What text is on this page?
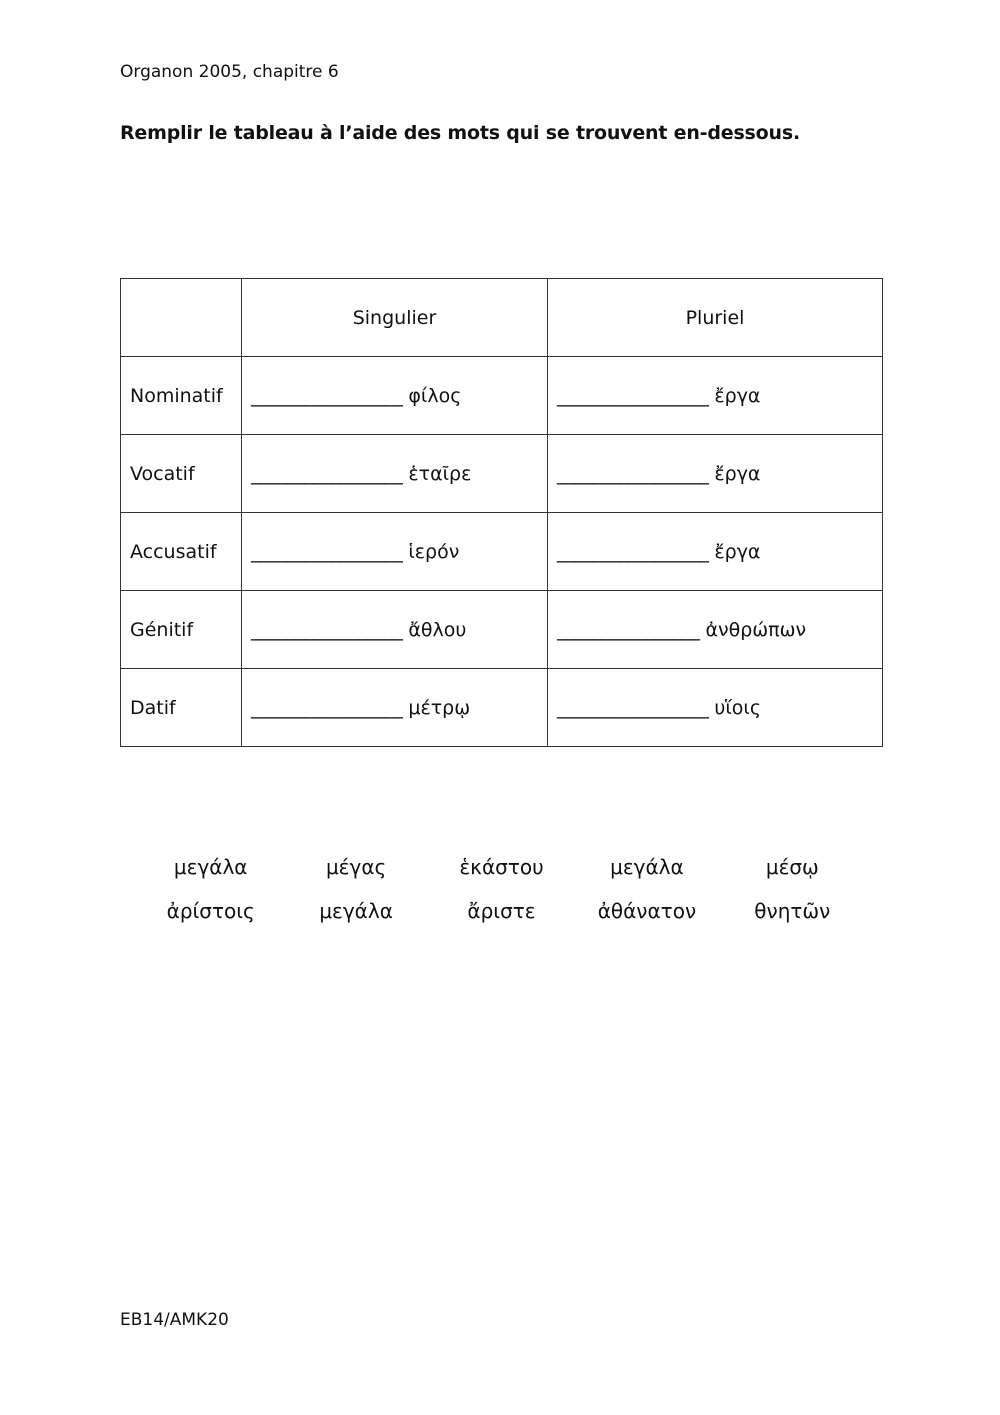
Organon 2005, chapitre 6
Remplir le tableau à l’aide des mots qui se trouvent en-dessous.
	Singulier	Pluriel
Nominatif	_________________ φίλος	_________________ ἔργα
Vocatif	_________________ ἑταῖρε	_________________ ἔργα
Accusatif	_________________ ἱερόν	_________________ ἔργα
Génitif	_________________ ἄθλου	________________ ἀνθρώπων
Datif	_________________ μέτρῳ	_________________ υἵοις
μεγάλα	μέγας	ἑκάστου	μεγάλα	μέσῳ
ἀρίστοις	μεγάλα	ἄριστε	ἀθάνατον	θνητῶν
EB14/AMK20
